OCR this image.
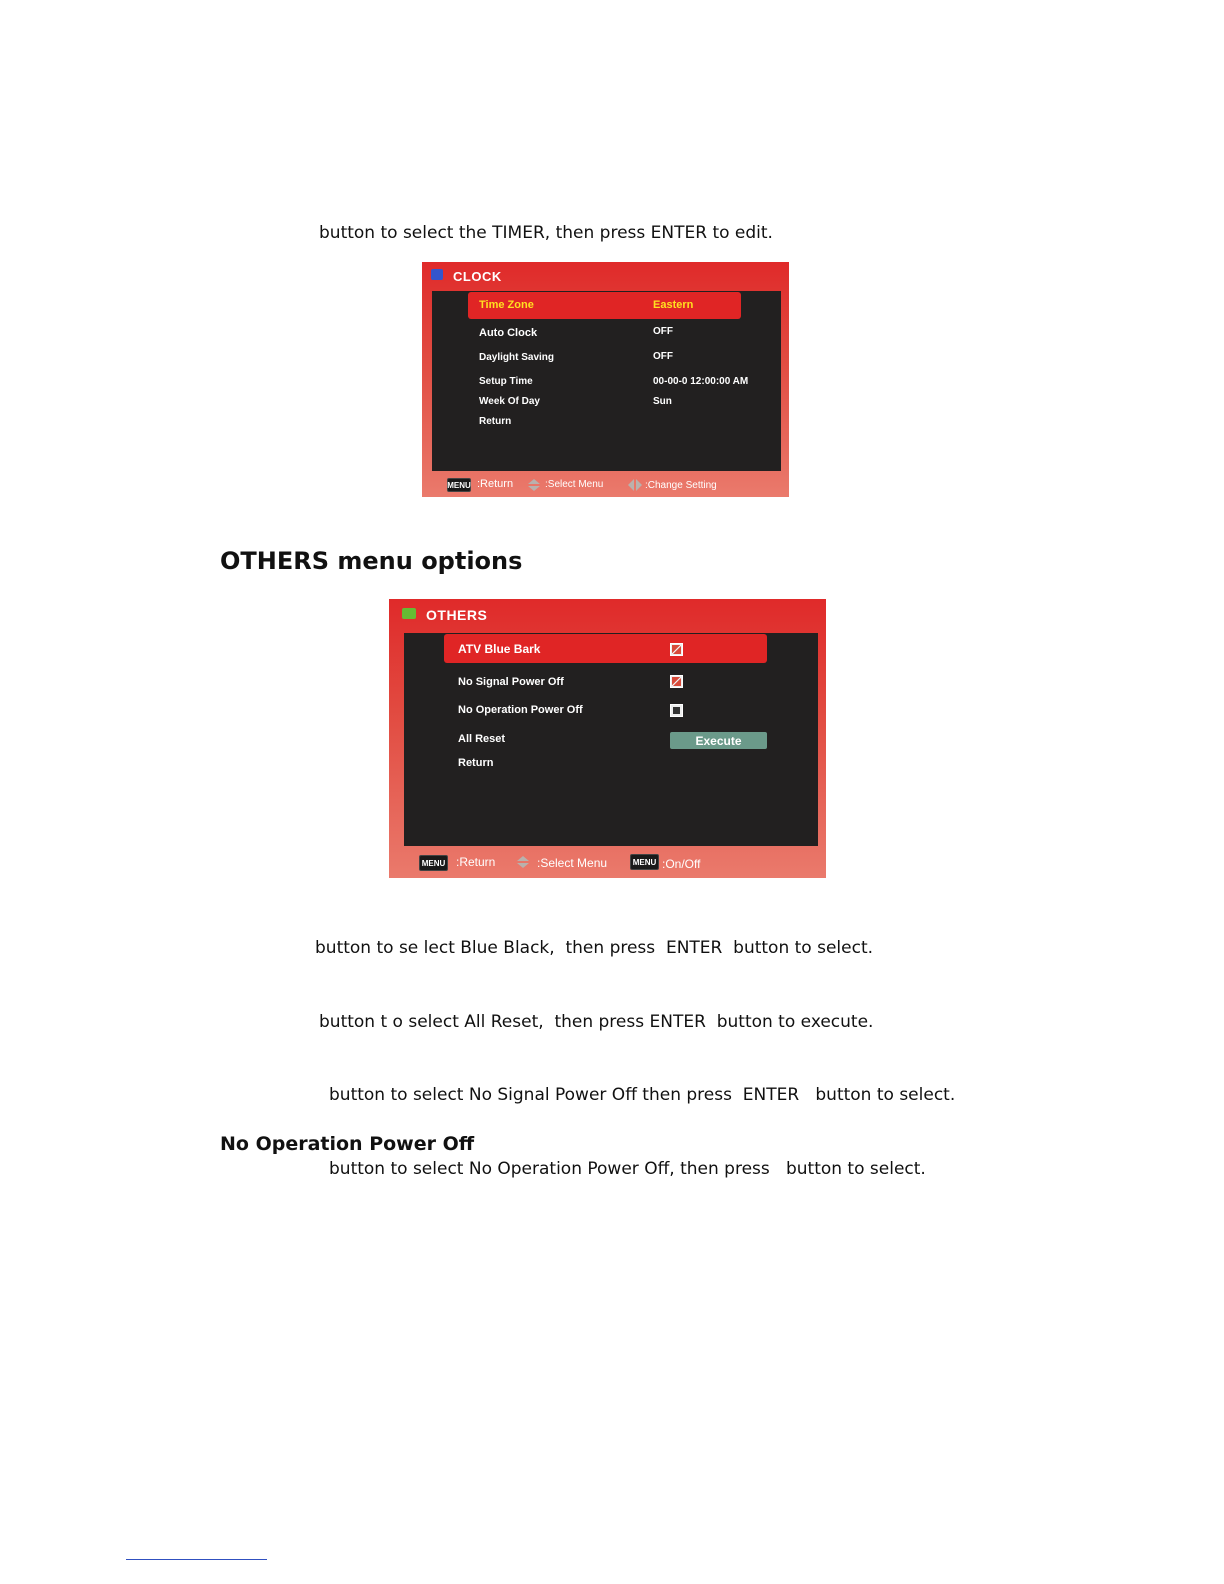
button to select the TIMER, then press ENTER to edit.
CLOCK
Time Zone	Eastern
Auto Clock	OFF
Daylight Saving	OFF
Setup Time	00-00-0 12:00:00 AM
Week Of Day	Sun
Return
MENU :Return	:Select Menu	:Change Setting
OTHERS menu options
OTHERS
ATV Blue Bark
No Signal Power Off
No Operation Power Off
All Reset	Execute
Return
MENU :Return	:Select Menu	MENU :On/Off
button to se lect Blue Black,  then press  ENTER  button to select.
button t o select All Reset,  then press ENTER  button to execute.
button to select No Signal Power Off then press  ENTER   button to select.
No Operation Power Off
button to select No Operation Power Off, then press   button to select.
